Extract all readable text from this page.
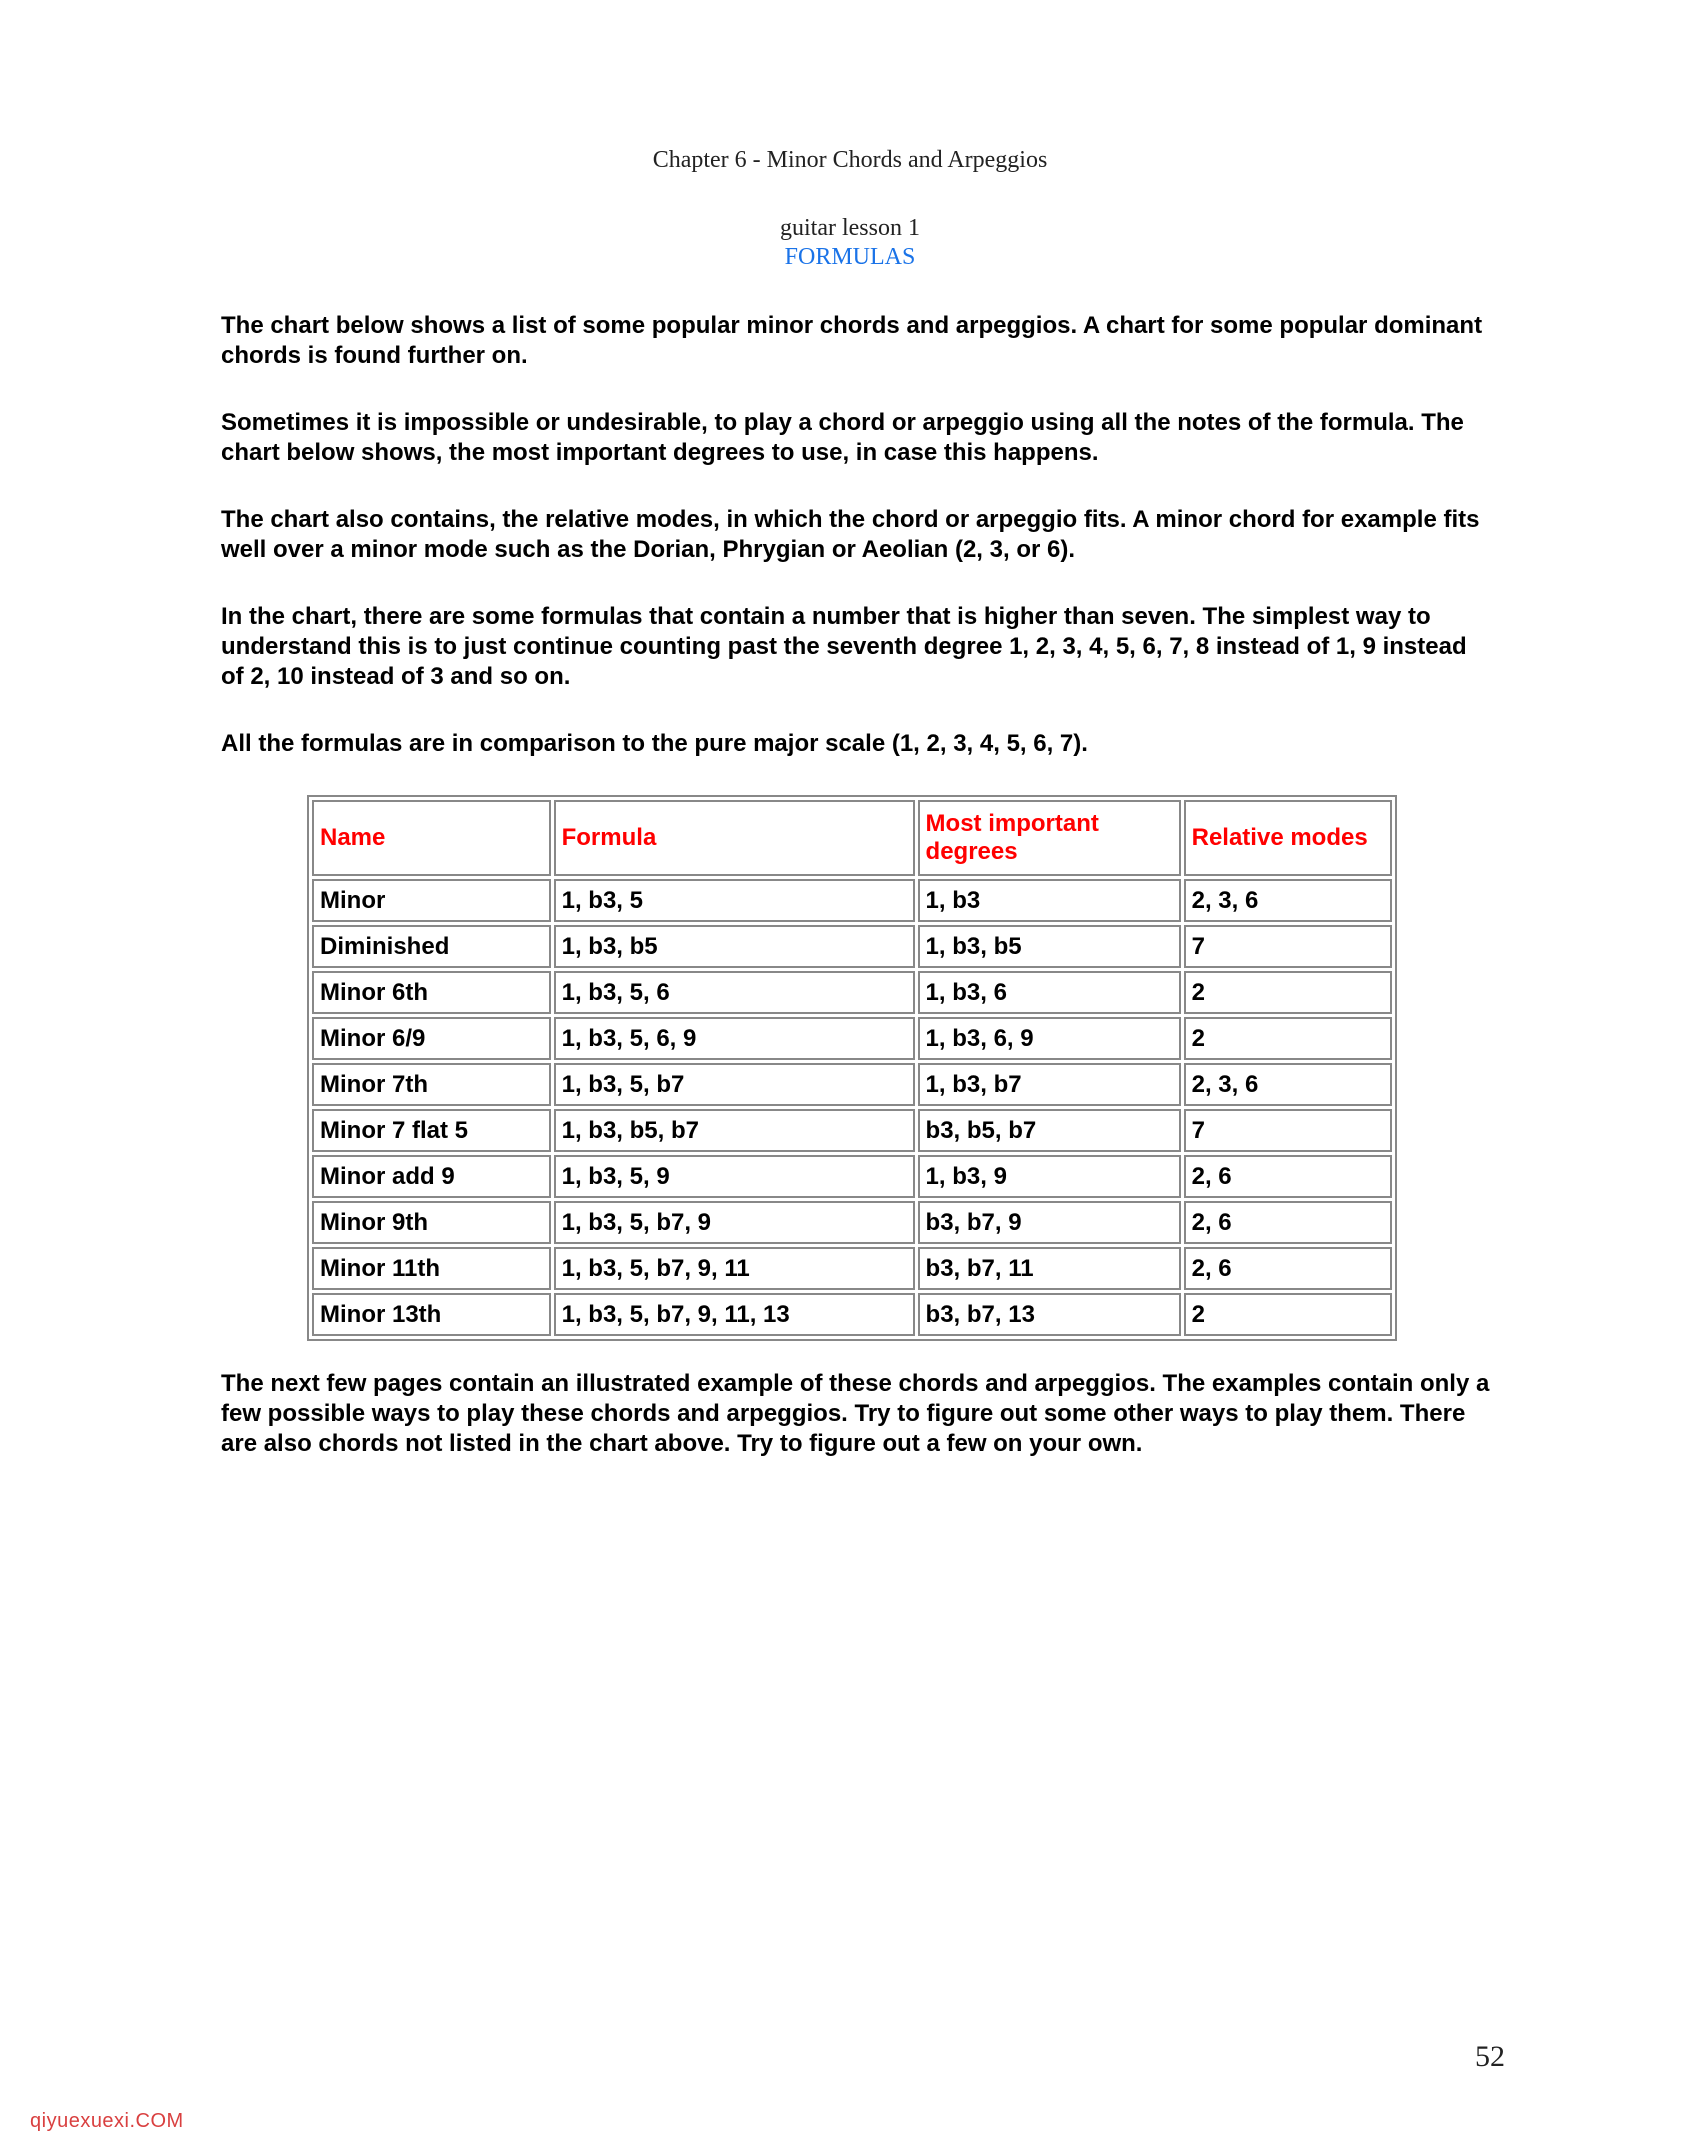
Chapter 6 - Minor Chords and Arpeggios
guitar lesson 1
FORMULAS
The chart below shows a list of some popular minor chords and arpeggios. A chart for some popular dominant chords is found further on.
Sometimes it is impossible or undesirable, to play a chord or arpeggio using all the notes of the formula. The chart below shows, the most important degrees to use, in case this happens.
The chart also contains, the relative modes, in which the chord or arpeggio fits. A minor chord for example fits well over a minor mode such as the Dorian, Phrygian or Aeolian (2, 3, or 6).
In the chart, there are some formulas that contain a number that is higher than seven. The simplest way to understand this is to just continue counting past the seventh degree 1, 2, 3, 4, 5, 6, 7, 8 instead of 1, 9 instead of 2, 10 instead of 3 and so on.
All the formulas are in comparison to the pure major scale (1, 2, 3, 4, 5, 6, 7).
Name	Formula	Most important degrees	Relative modes
Minor	1, b3, 5	1, b3	2, 3, 6
Diminished	1, b3, b5	1, b3, b5	7
Minor 6th	1, b3, 5, 6	1, b3, 6	2
Minor 6/9	1, b3, 5, 6, 9	1, b3, 6, 9	2
Minor 7th	1, b3, 5, b7	1, b3, b7	2, 3, 6
Minor 7 flat 5	1, b3, b5, b7	b3, b5, b7	7
Minor add 9	1, b3, 5, 9	1, b3, 9	2, 6
Minor 9th	1, b3, 5, b7, 9	b3, b7, 9	2, 6
Minor 11th	1, b3, 5, b7, 9, 11	b3, b7, 11	2, 6
Minor 13th	1, b3, 5, b7, 9, 11, 13	b3, b7, 13	2
The next few pages contain an illustrated example of these chords and arpeggios. The examples contain only a few possible ways to play these chords and arpeggios. Try to figure out some other ways to play them. There are also chords not listed in the chart above. Try to figure out a few on your own.
52
qiyuexuexi.COM
